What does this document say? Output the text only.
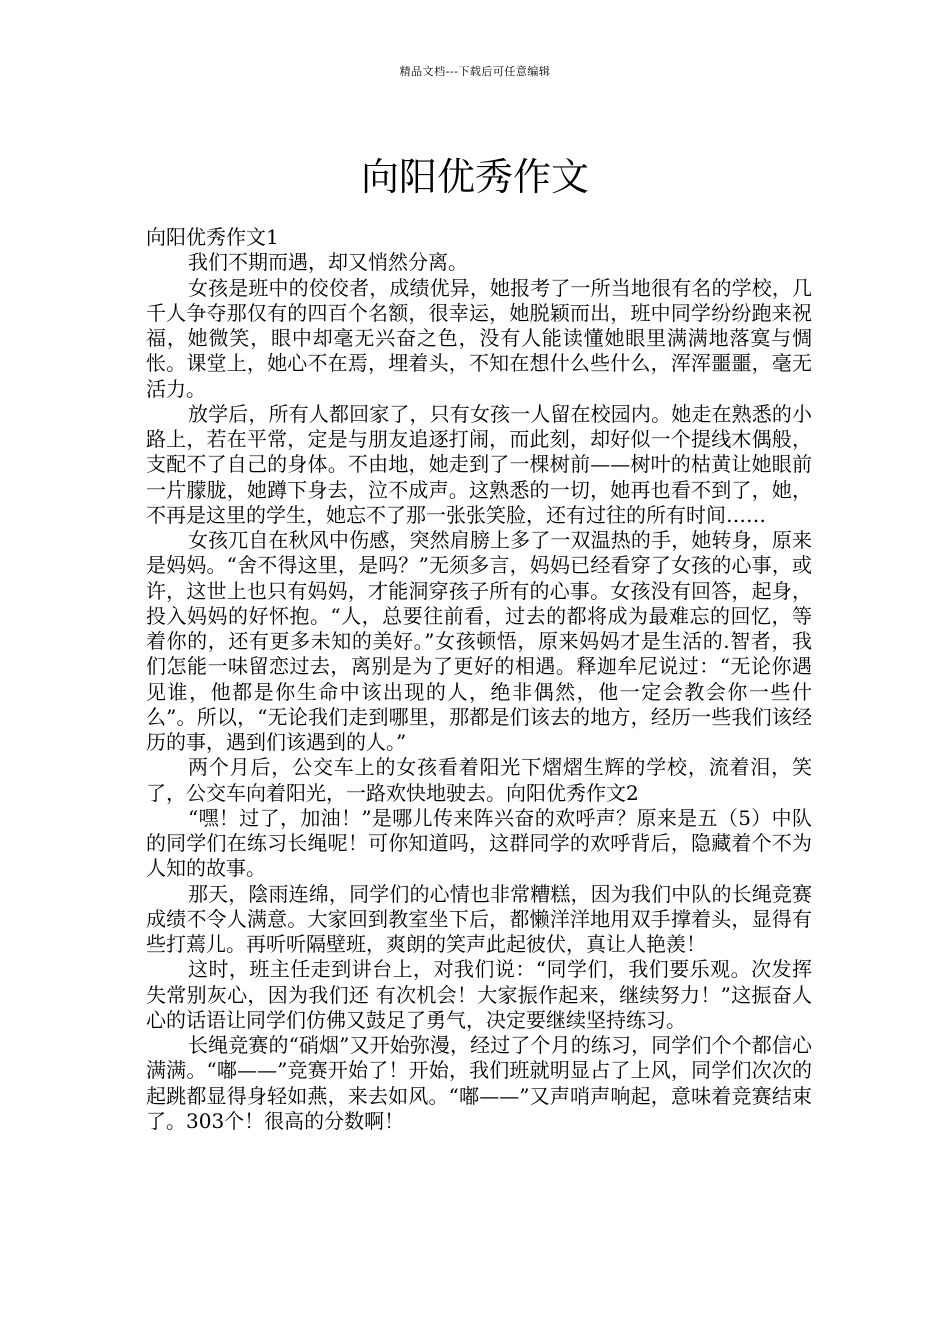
精品文档---下载后可任意编辑
向阳优秀作文

向阳优秀作文1

我们不期而遇，却又悄然分离。

女孩是班中的佼佼者，成绩优异，她报考了一所当地很有名的学校，几千人争夺那仅有的四百个名额，很幸运，她脱颖而出，班中同学纷纷跑来祝福，她微笑，眼中却毫无兴奋之色，没有人能读懂她眼里满满地落寞与惆怅。课堂上，她心不在焉，埋着头，不知在想什么些什么，浑浑噩噩，毫无活力。

放学后，所有人都回家了，只有女孩一人留在校园内。她走在熟悉的小路上，若在平常，定是与朋友追逐打闹，而此刻，却好似一个提线木偶般，支配不了自己的身体。不由地，她走到了一棵树前——树叶的枯黄让她眼前一片朦胧，她蹲下身去，泣不成声。这熟悉的一切，她再也看不到了，她，不再是这里的学生，她忘不了那一张张笑脸，还有过往的所有时间……

女孩兀自在秋风中伤感，突然肩膀上多了一双温热的手，她转身，原来是妈妈。“舍不得这里，是吗？”无须多言，妈妈已经看穿了女孩的心事，或许，这世上也只有妈妈，才能洞穿孩子所有的心事。女孩没有回答，起身，投入妈妈的好怀抱。“人，总要往前看，过去的都将成为最难忘的回忆，等着你的，还有更多未知的美好。”女孩顿悟，原来妈妈才是生活的.智者，我们怎能一味留恋过去，离别是为了更好的相遇。释迦牟尼说过：“无论你遇见谁，他都是你生命中该出现的人，绝非偶然，他一定会教会你一些什么”。所以，“无论我们走到哪里，那都是们该去的地方，经历一些我们该经历的事，遇到们该遇到的人。”

两个月后，公交车上的女孩看着阳光下熠熠生辉的学校，流着泪，笑了，公交车向着阳光，一路欢快地驶去。向阳优秀作文2

“嘿！过了，加油！”是哪儿传来阵兴奋的欢呼声？原来是五（5）中队的同学们在练习长绳呢！可你知道吗，这群同学的欢呼背后，隐藏着个不为人知的故事。

那天，陰雨连绵，同学们的心情也非常糟糕，因为我们中队的长绳竞赛成绩不令人满意。大家回到教室坐下后，都懒洋洋地用双手撑着头，显得有些打蔫儿。再听听隔壁班，爽朗的笑声此起彼伏，真让人艳羡！

这时，班主任走到讲台上，对我们说：“同学们，我们要乐观。次发挥失常别灰心，因为我们还 有次机会！大家振作起来，继续努力！”这振奋人心的话语让同学们仿佛又鼓足了勇气，决定要继续坚持练习。

长绳竞赛的“硝烟”又开始弥漫，经过了个月的练习，同学们个个都信心满满。“嘟——”竞赛开始了！开始，我们班就明显占了上风，同学们次次的起跳都显得身轻如燕，来去如风。“嘟——”又声哨声响起，意味着竞赛结束了。303个！很高的分数啊！
